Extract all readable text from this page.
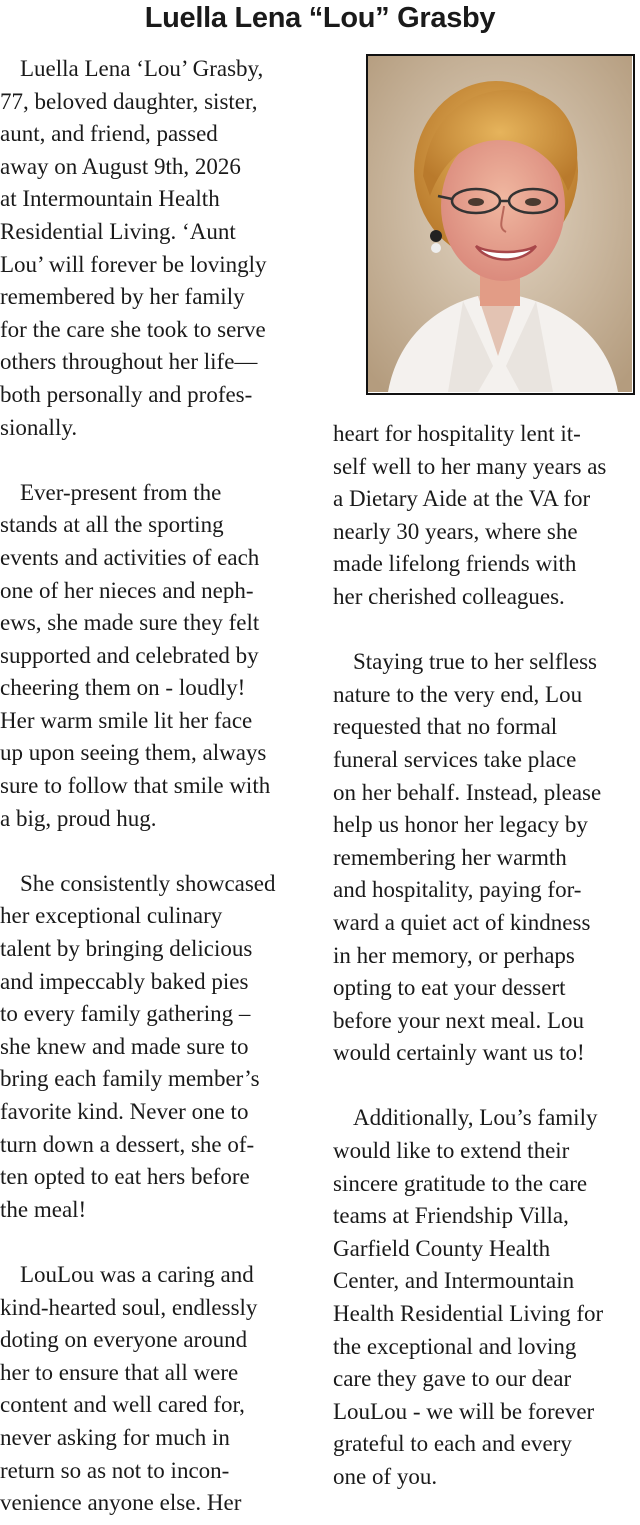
Luella Lena “Lou” Grasby
Luella Lena ‘Lou’ Grasby,
77, beloved daughter, sister,
aunt, and friend, passed
away on August 9th, 2026
at Intermountain Health
Residential Living. ‘Aunt
Lou’ will forever be lovingly
remembered by her family
for the care she took to serve
others throughout her life—
both personally and profes-
sionally.
Ever-present from the
stands at all the sporting
events and activities of each
one of her nieces and neph-
ews, she made sure they felt
supported and celebrated by
cheering them on - loudly!
Her warm smile lit her face
up upon seeing them, always
sure to follow that smile with
a big, proud hug.
She consistently showcased
her exceptional culinary
talent by bringing delicious
and impeccably baked pies
to every family gathering –
she knew and made sure to
bring each family member’s
favorite kind. Never one to
turn down a dessert, she of-
ten opted to eat hers before
the meal!
LouLou was a caring and
kind-hearted soul, endlessly
doting on everyone around
her to ensure that all were
content and well cared for,
never asking for much in
return so as not to incon-
venience anyone else. Her
heart for hospitality lent it-
self well to her many years as
a Dietary Aide at the VA for
nearly 30 years, where she
made lifelong friends with
her cherished colleagues.
Staying true to her selfless
nature to the very end, Lou
requested that no formal
funeral services take place
on her behalf. Instead, please
help us honor her legacy by
remembering her warmth
and hospitality, paying for-
ward a quiet act of kindness
in her memory, or perhaps
opting to eat your dessert
before your next meal. Lou
would certainly want us to!
Additionally, Lou’s family
would like to extend their
sincere gratitude to the care
teams at Friendship Villa,
Garfield County Health
Center, and Intermountain
Health Residential Living for
the exceptional and loving
care they gave to our dear
LouLou - we will be forever
grateful to each and every
one of you.
